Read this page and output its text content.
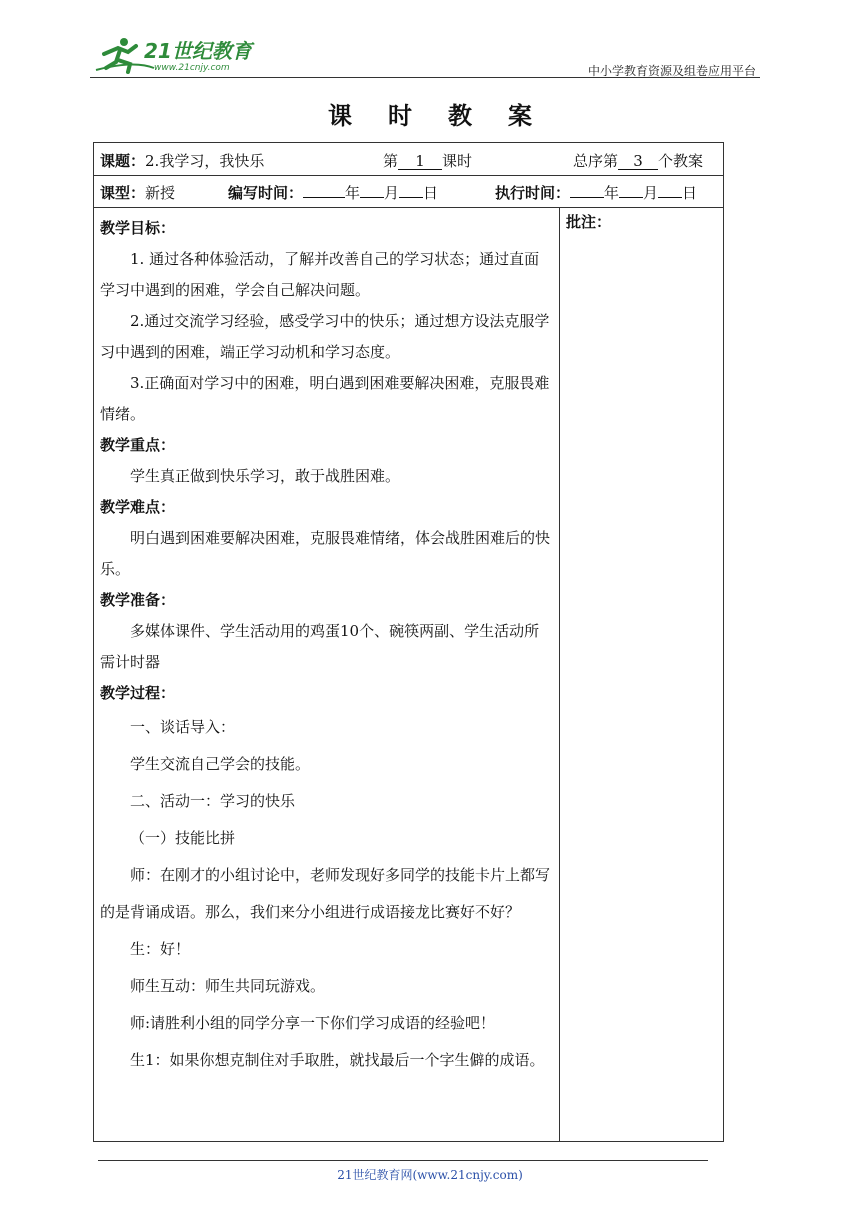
21世纪教育
www.21cnjy.com	中小学教育资源及组卷应用平台
课时教案
课题：2.我学习，我快乐	第 1 课时	总序第 3 个教案
课型：新授	编写时间：	年 月 日	执行时间： 年 月 日

教学目标：

1. 通过各种体验活动，了解并改善自己的学习状态；通过直面学习中遇到的困难，学会自己解决问题。

2.通过交流学习经验，感受学习中的快乐；通过想方设法克服学习中遇到的困难，端正学习动机和学习态度。

3.正确面对学习中的困难，明白遇到困难要解决困难，克服畏难情绪。

教学重点：

学生真正做到快乐学习，敢于战胜困难。

教学难点：

明白遇到困难要解决困难，克服畏难情绪，体会战胜困难后的快乐。

教学准备：

多媒体课件、学生活动用的鸡蛋10个、碗筷两副、学生活动所需计时器

教学过程：

一、谈话导入：

学生交流自己学会的技能。

二、活动一：学习的快乐

（一）技能比拼

师：在刚才的小组讨论中，老师发现好多同学的技能卡片上都写的是背诵成语。那么，我们来分小组进行成语接龙比赛好不好？

生：好！

师生互动：师生共同玩游戏。

师:请胜利小组的同学分享一下你们学习成语的经验吧！

生1：如果你想克制住对手取胜，就找最后一个字生僻的成语。

批注：
21世纪教育网(www.21cnjy.com)
